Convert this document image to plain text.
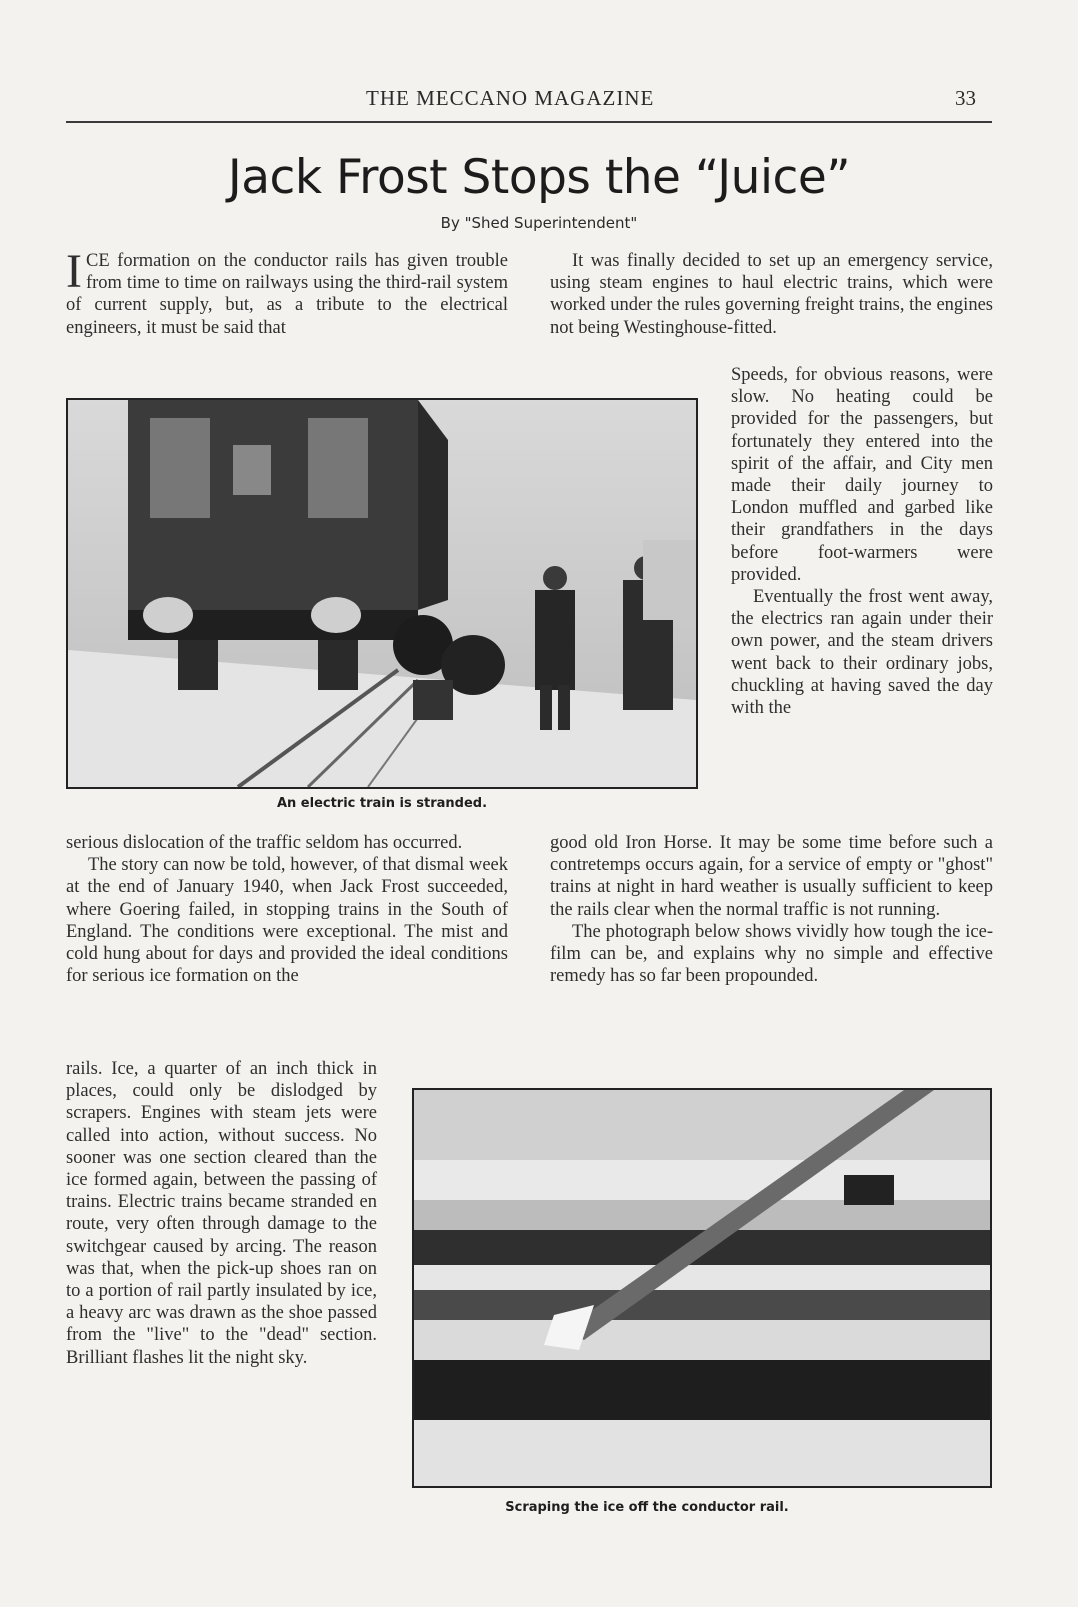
THE MECCANO MAGAZINE	33
Jack Frost Stops the “Juice”
By "Shed Superintendent"

ICE formation on the conductor rails has given trouble from time to time on railways using the third-rail system of current supply, but, as a tribute to the electrical engineers, it must be said that

It was finally decided to set up an emergency service, using steam engines to haul electric trains, which were worked under the rules governing freight trains, the engines not being Westinghouse-fitted.

An electric train is stranded.

Speeds, for obvious reasons, were slow. No heating could be provided for the passengers, but fortunately they entered into the spirit of the affair, and City men made their daily journey to London muffled and garbed like their grandfathers in the days before foot-warmers were provided.

Eventually the frost went away, the electrics ran again under their own power, and the steam drivers went back to their ordinary jobs, chuckling at having saved the day with the

serious dislocation of the traffic seldom has occurred.

The story can now be told, however, of that dismal week at the end of January 1940, when Jack Frost succeeded, where Goering failed, in stopping trains in the South of England. The conditions were exceptional. The mist and cold hung about for days and provided the ideal conditions for serious ice formation on the

good old Iron Horse. It may be some time before such a contretemps occurs again, for a service of empty or "ghost" trains at night in hard weather is usually sufficient to keep the rails clear when the normal traffic is not running.

The photograph below shows vividly how tough the ice-film can be, and explains why no simple and effective remedy has so far been propounded.

rails. Ice, a quarter of an inch thick in places, could only be dislodged by scrapers. Engines with steam jets were called into action, without success. No sooner was one section cleared than the ice formed again, between the passing of trains. Electric trains became stranded en route, very often through damage to the switchgear caused by arcing. The reason was that, when the pick-up shoes ran on to a portion of rail partly insulated by ice, a heavy arc was drawn as the shoe passed from the "live" to the "dead" section. Brilliant flashes lit the night sky.

Scraping the ice off the conductor rail.
